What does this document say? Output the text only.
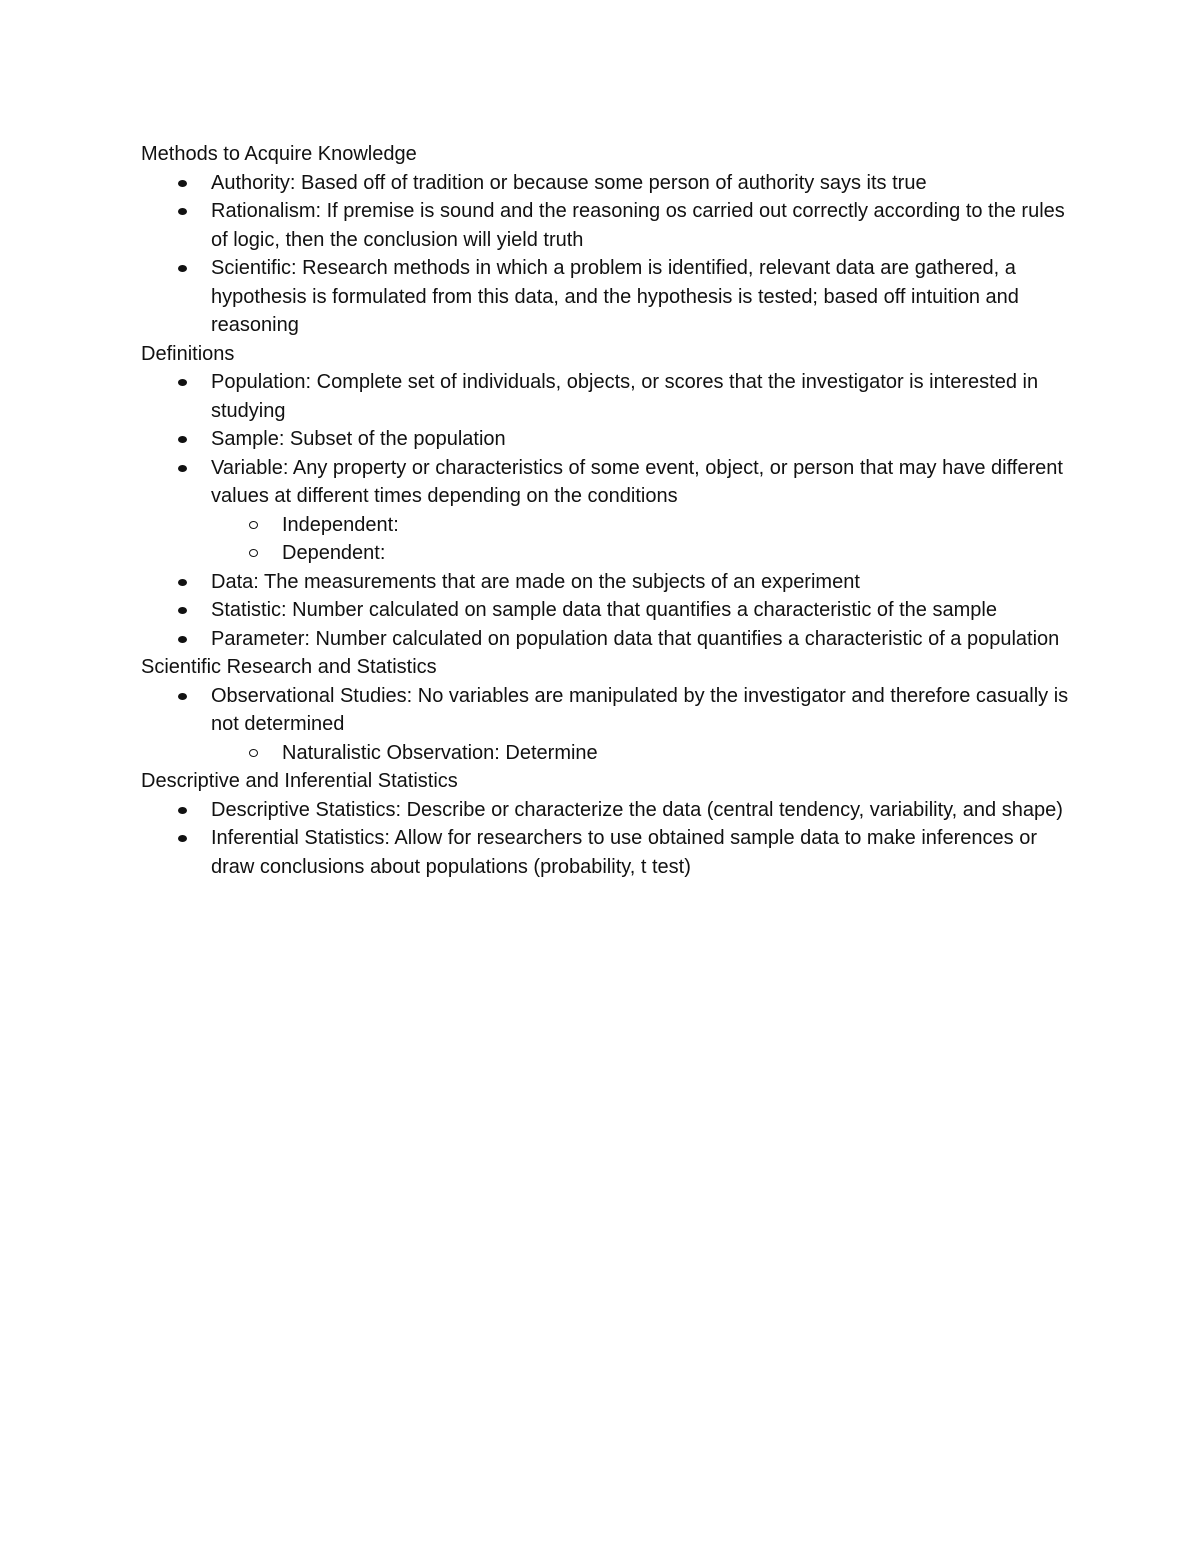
Methods to Acquire Knowledge

Authority: Based off of tradition or because some person of authority says its true
Rationalism: If premise is sound and the reasoning os carried out correctly according to the rules of logic, then the conclusion will yield truth
Scientific: Research methods in which a problem is identified, relevant data are gathered, a hypothesis is formulated from this data, and the hypothesis is tested; based off intuition and reasoning

Definitions

Population: Complete set of individuals, objects, or scores that the investigator is interested in studying
Sample: Subset of the population
Variable: Any property or characteristics of some event, object, or person that may have different values at different times depending on the conditions
Independent:
Dependent:
Data: The measurements that are made on the subjects of an experiment
Statistic: Number calculated on sample data that quantifies a characteristic of the sample
Parameter: Number calculated on population data that quantifies a characteristic of a population

Scientific Research and Statistics

Observational Studies: No variables are manipulated by the investigator and therefore casually is not determined
Naturalistic Observation: Determine

Descriptive and Inferential Statistics

Descriptive Statistics: Describe or characterize the data (central tendency, variability, and shape)
Inferential Statistics: Allow for researchers to use obtained sample data to make inferences or draw conclusions about populations (probability, t test)
